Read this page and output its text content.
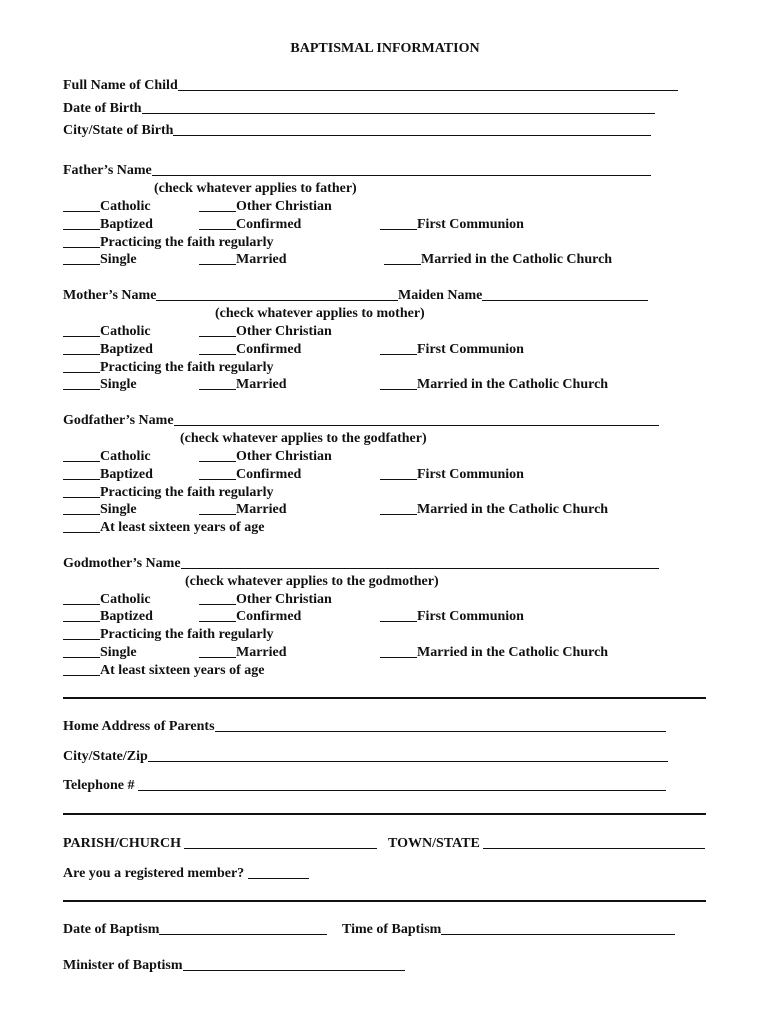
BAPTISMAL INFORMATION
Full Name of Child
Date of Birth
City/State of Birth
Father’s Name
(check whatever applies to father)
Catholic	Other Christian
Baptized	Confirmed	First Communion
Practicing the faith regularly
Single	Married	Married in the Catholic Church
Mother’s Name	Maiden Name
(check whatever applies to mother)
Catholic	Other Christian
Baptized	Confirmed	First Communion
Practicing the faith regularly
Single	Married	Married in the Catholic Church
Godfather’s Name
(check whatever applies to the godfather)
Catholic	Other Christian
Baptized	Confirmed	First Communion
Practicing the faith regularly
Single	Married	Married in the Catholic Church
At least sixteen years of age
Godmother’s Name
(check whatever applies to the godmother)
Catholic	Other Christian
Baptized	Confirmed	First Communion
Practicing the faith regularly
Single	Married	Married in the Catholic Church
At least sixteen years of age
Home Address of Parents
City/State/Zip
Telephone #
PARISH/CHURCH	TOWN/STATE
Are you a registered member?
Date of Baptism	Time of Baptism
Minister of Baptism
